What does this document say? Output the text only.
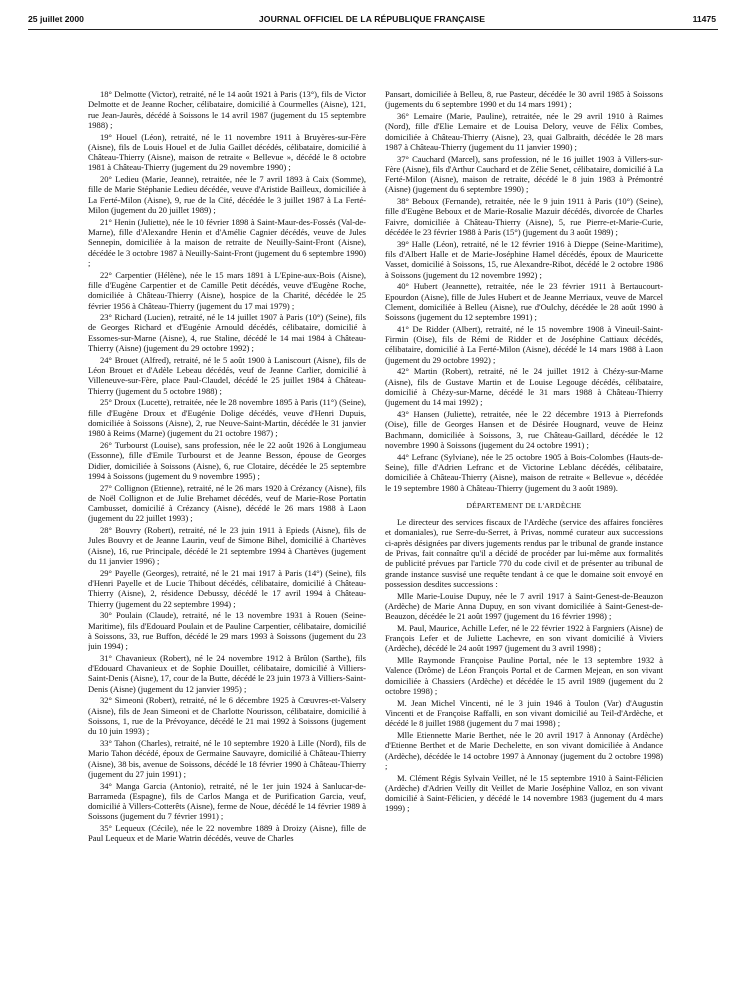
25 juillet 2000	JOURNAL OFFICIEL DE LA RÉPUBLIQUE FRANÇAISE	11475

18° Delmotte (Victor), retraité, né le 14 août 1921 à Paris (13°), fils de Victor Delmotte et de Jeanne Rocher, célibataire, domicilié à Courmelles (Aisne), 121, rue Jean-Jaurès, décédé à Soissons le 14 avril 1987 (jugement du 15 septembre 1988) ;

19° Houel (Léon), retraité, né le 11 novembre 1911 à Bruyères-sur-Fère (Aisne), fils de Louis Houel et de Julia Gaillet décédés, célibataire, domicilié à Château-Thierry (Aisne), maison de retraite « Bellevue », décédé le 8 octobre 1981 à Château-Thierry (jugement du 29 novembre 1990) ;

20° Ledieu (Marie, Jeanne), retraitée, née le 7 avril 1893 à Caix (Somme), fille de Marie Stéphanie Ledieu décédée, veuve d'Aristide Bailleux, domiciliée à La Ferté-Milon (Aisne), 9, rue de la Cité, décédée le 3 juillet 1987 à La Ferté-Milon (jugement du 20 juillet 1989) ;

21° Henin (Juliette), née le 10 février 1898 à Saint-Maur-des-Fossés (Val-de-Marne), fille d'Alexandre Henin et d'Amélie Cagnier décédés, veuve de Jules Sennepin, domiciliée à la maison de retraite de Neuilly-Saint-Front (Aisne), décédée le 3 octobre 1987 à Neuilly-Saint-Front (jugement du 6 septembre 1990) ;

22° Carpentier (Hélène), née le 15 mars 1891 à L'Epine-aux-Bois (Aisne), fille d'Eugène Carpentier et de Camille Petit décédés, veuve d'Eugène Roche, domiciliée à Château-Thierry (Aisne), hospice de la Charité, décédée le 25 février 1956 à Château-Thierry (jugement du 17 mai 1979) ;

23° Richard (Lucien), retraité, né le 14 juillet 1907 à Paris (10°) (Seine), fils de Georges Richard et d'Eugénie Arnould décédés, célibataire, domicilié à Essomes-sur-Marne (Aisne), 4, rue Staline, décédé le 14 mai 1984 à Château-Thierry (Aisne) (jugement du 29 octobre 1992) ;

24° Brouet (Alfred), retraité, né le 5 août 1900 à Laniscourt (Aisne), fils de Léon Brouet et d'Adèle Lebeau décédés, veuf de Jeanne Carlier, domicilié à Villeneuve-sur-Fère, place Paul-Claudel, décédé le 25 juillet 1984 à Château-Thierry (jugement du 5 octobre 1988) ;

25° Droux (Lucette), retraitée, née le 28 novembre 1895 à Paris (11°) (Seine), fille d'Eugène Droux et d'Eugénie Dolige décédés, veuve d'Henri Dupuis, domiciliée à Soissons (Aisne), 2, rue Neuve-Saint-Martin, décédée le 31 janvier 1980 à Reims (Marne) (jugement du 21 octobre 1987) ;

26° Turbourst (Louise), sans profession, née le 22 août 1926 à Longjumeau (Essonne), fille d'Emile Turbourst et de Jeanne Besson, épouse de Georges Didier, domiciliée à Soissons (Aisne), 6, rue Clotaire, décédée le 25 septembre 1994 à Soissons (jugement du 9 novembre 1995) ;

27° Collignon (Etienne), retraité, né le 26 mars 1920 à Crézancy (Aisne), fils de Noël Collignon et de Julie Brehamet décédés, veuf de Marie-Rose Portatin Cambusset, domicilié à Crézancy (Aisne), décédé le 26 mars 1988 à Laon (jugement du 22 juillet 1993) ;

28° Bouvry (Robert), retraité, né le 23 juin 1911 à Epieds (Aisne), fils de Jules Bouvry et de Jeanne Laurin, veuf de Simone Bihel, domicilié à Chartèves (Aisne), 16, rue Principale, décédé le 21 septembre 1994 à Chartèves (jugement du 11 janvier 1996) ;

29° Payelle (Georges), retraité, né le 21 mai 1917 à Paris (14°) (Seine), fils d'Henri Payelle et de Lucie Thibout décédés, célibataire, domicilié à Château-Thierry (Aisne), 2, résidence Debussy, décédé le 17 avril 1994 à Château-Thierry (jugement du 22 septembre 1994) ;

30° Poulain (Claude), retraité, né le 13 novembre 1931 à Rouen (Seine-Maritime), fils d'Edouard Poulain et de Pauline Carpentier, célibataire, domicilié à Soissons, 33, rue Buffon, décédé le 29 mars 1993 à Soissons (jugement du 23 juin 1994) ;

31° Chavanieux (Robert), né le 24 novembre 1912 à Brûlon (Sarthe), fils d'Edouard Chavanieux et de Sophie Douillet, célibataire, domicilié à Villiers-Saint-Denis (Aisne), 17, cour de la Butte, décédé le 23 juin 1973 à Villiers-Saint-Denis (Aisne) (jugement du 12 janvier 1995) ;

32° Simeoni (Robert), retraité, né le 6 décembre 1925 à Cœuvres-et-Valsery (Aisne), fils de Jean Simeoni et de Charlotte Nourisson, célibataire, domicilié à Soissons, 1, rue de la Prévoyance, décédé le 21 mai 1992 à Soissons (jugement du 10 juin 1993) ;

33° Tahon (Charles), retraité, né le 10 septembre 1920 à Lille (Nord), fils de Mario Tahon décédé, époux de Germaine Sauvayre, domicilié à Château-Thierry (Aisne), 38 bis, avenue de Soissons, décédé le 18 février 1990 à Château-Thierry (jugement du 27 juin 1991) ;

34° Manga Garcia (Antonio), retraité, né le 1er juin 1924 à Sanlucar-de-Barrameda (Espagne), fils de Carlos Manga et de Purification Garcia, veuf, domicilié à Villers-Cotterêts (Aisne), ferme de Noue, décédé le 14 février 1989 à Soissons (jugement du 7 février 1991) ;

35° Lequeux (Cécile), née le 22 novembre 1889 à Droizy (Aisne), fille de Paul Lequeux et de Marie Watrin décédés, veuve de Charles

Pansart, domiciliée à Belleu, 8, rue Pasteur, décédée le 30 avril 1985 à Soissons (jugements du 6 septembre 1990 et du 14 mars 1991) ;

36° Lemaire (Marie, Pauline), retraitée, née le 29 avril 1910 à Raimes (Nord), fille d'Elie Lemaire et de Louisa Delory, veuve de Félix Combes, domiciliée à Château-Thierry (Aisne), 23, quai Galbraith, décédée le 28 mars 1987 à Château-Thierry (jugement du 11 janvier 1990) ;

37° Cauchard (Marcel), sans profession, né le 16 juillet 1903 à Villers-sur-Fère (Aisne), fils d'Arthur Cauchard et de Zélie Senet, célibataire, domicilié à La Ferté-Milon (Aisne), maison de retraite, décédé le 8 juin 1983 à Prémontré (Aisne) (jugement du 6 septembre 1990) ;

38° Beboux (Fernande), retraitée, née le 9 juin 1911 à Paris (10°) (Seine), fille d'Eugène Beboux et de Marie-Rosalie Mazuir décédés, divorcée de Charles Faivre, domiciliée à Château-Thierry (Aisne), 5, rue Pierre-et-Marie-Curie, décédée le 23 février 1988 à Paris (15°) (jugement du 3 août 1989) ;

39° Halle (Léon), retraité, né le 12 février 1916 à Dieppe (Seine-Maritime), fils d'Albert Halle et de Marie-Joséphine Hamel décédés, époux de Mauricette Vasset, domicilié à Soissons, 15, rue Alexandre-Ribot, décédé le 2 octobre 1986 à Soissons (jugement du 12 novembre 1992) ;

40° Hubert (Jeannette), retraitée, née le 23 février 1911 à Bertaucourt-Epourdon (Aisne), fille de Jules Hubert et de Jeanne Merriaux, veuve de Marcel Clement, domiciliée à Belleu (Aisne), rue d'Oulchy, décédée le 28 août 1990 à Soissons (jugement du 12 septembre 1991) ;

41° De Ridder (Albert), retraité, né le 15 novembre 1908 à Vineuil-Saint-Firmin (Oise), fils de Rémi de Ridder et de Joséphine Cattiaux décédés, célibataire, domicilié à La Ferté-Milon (Aisne), décédé le 14 mars 1988 à Laon (jugement du 29 octobre 1992) ;

42° Martin (Robert), retraité, né le 24 juillet 1912 à Chézy-sur-Marne (Aisne), fils de Gustave Martin et de Louise Legouge décédés, célibataire, domicilié à Chézy-sur-Marne, décédé le 31 mars 1988 à Château-Thierry (jugement du 14 mai 1992) ;

43° Hansen (Juliette), retraitée, née le 22 décembre 1913 à Pierrefonds (Oise), fille de Georges Hansen et de Désirée Hougnard, veuve de Heinz Bachmann, domiciliée à Soissons, 3, rue Château-Gaillard, décédée le 12 novembre 1990 à Soissons (jugement du 24 octobre 1991) ;

44° Lefranc (Sylviane), née le 25 octobre 1905 à Bois-Colombes (Hauts-de-Seine), fille d'Adrien Lefranc et de Victorine Leblanc décédés, célibataire, domiciliée à Château-Thierry (Aisne), maison de retraite « Bellevue », décédée le 19 septembre 1980 à Château-Thierry (jugement du 3 août 1989).

DÉPARTEMENT DE L'ARDÈCHE

Le directeur des services fiscaux de l'Ardèche (service des affaires foncières et domaniales), rue Serre-du-Serret, à Privas, nommé curateur aux successions ci-après désignées par divers jugements rendus par le tribunal de grande instance de Privas, fait connaître qu'il a décidé de procéder par lui-même aux formalités de publicité prévues par l'article 770 du code civil et de présenter au tribunal de grande instance susvisé une requête tendant à ce que le domaine soit envoyé en possession desdites successions :

Mlle Marie-Louise Dupuy, née le 7 avril 1917 à Saint-Genest-de-Beauzon (Ardèche) de Marie Anna Dupuy, en son vivant domiciliée à Saint-Genest-de-Beauzon, décédée le 21 août 1997 (jugement du 16 février 1998) ;

M. Paul, Maurice, Achille Lefer, né le 22 février 1922 à Fargniers (Aisne) de François Lefer et de Juliette Lachevre, en son vivant domicilié à Viviers (Ardèche), décédé le 24 août 1997 (jugement du 3 avril 1998) ;

Mlle Raymonde Françoise Pauline Portal, née le 13 septembre 1932 à Valence (Drôme) de Léon François Portal et de Carmen Mejean, en son vivant domiciliée à Chassiers (Ardèche) et décédée le 15 avril 1989 (jugement du 2 octobre 1998) ;

M. Jean Michel Vincenti, né le 3 juin 1946 à Toulon (Var) d'Augustin Vincenti et de Françoise Raffalli, en son vivant domicilié au Teil-d'Ardèche, et décédé le 8 juillet 1988 (jugement du 7 mai 1998) ;

Mlle Etiennette Marie Berthet, née le 20 avril 1917 à Annonay (Ardèche) d'Etienne Berthet et de Marie Dechelette, en son vivant domiciliée à Andance (Ardèche), décédée le 14 octobre 1997 à Annonay (jugement du 2 octobre 1998) ;

M. Clément Régis Sylvain Veillet, né le 15 septembre 1910 à Saint-Félicien (Ardèche) d'Adrien Veilly dit Veillet de Marie Joséphine Valloz, en son vivant domicilié à Saint-Félicien, y décédé le 14 novembre 1983 (jugement du 4 mars 1999) ;
